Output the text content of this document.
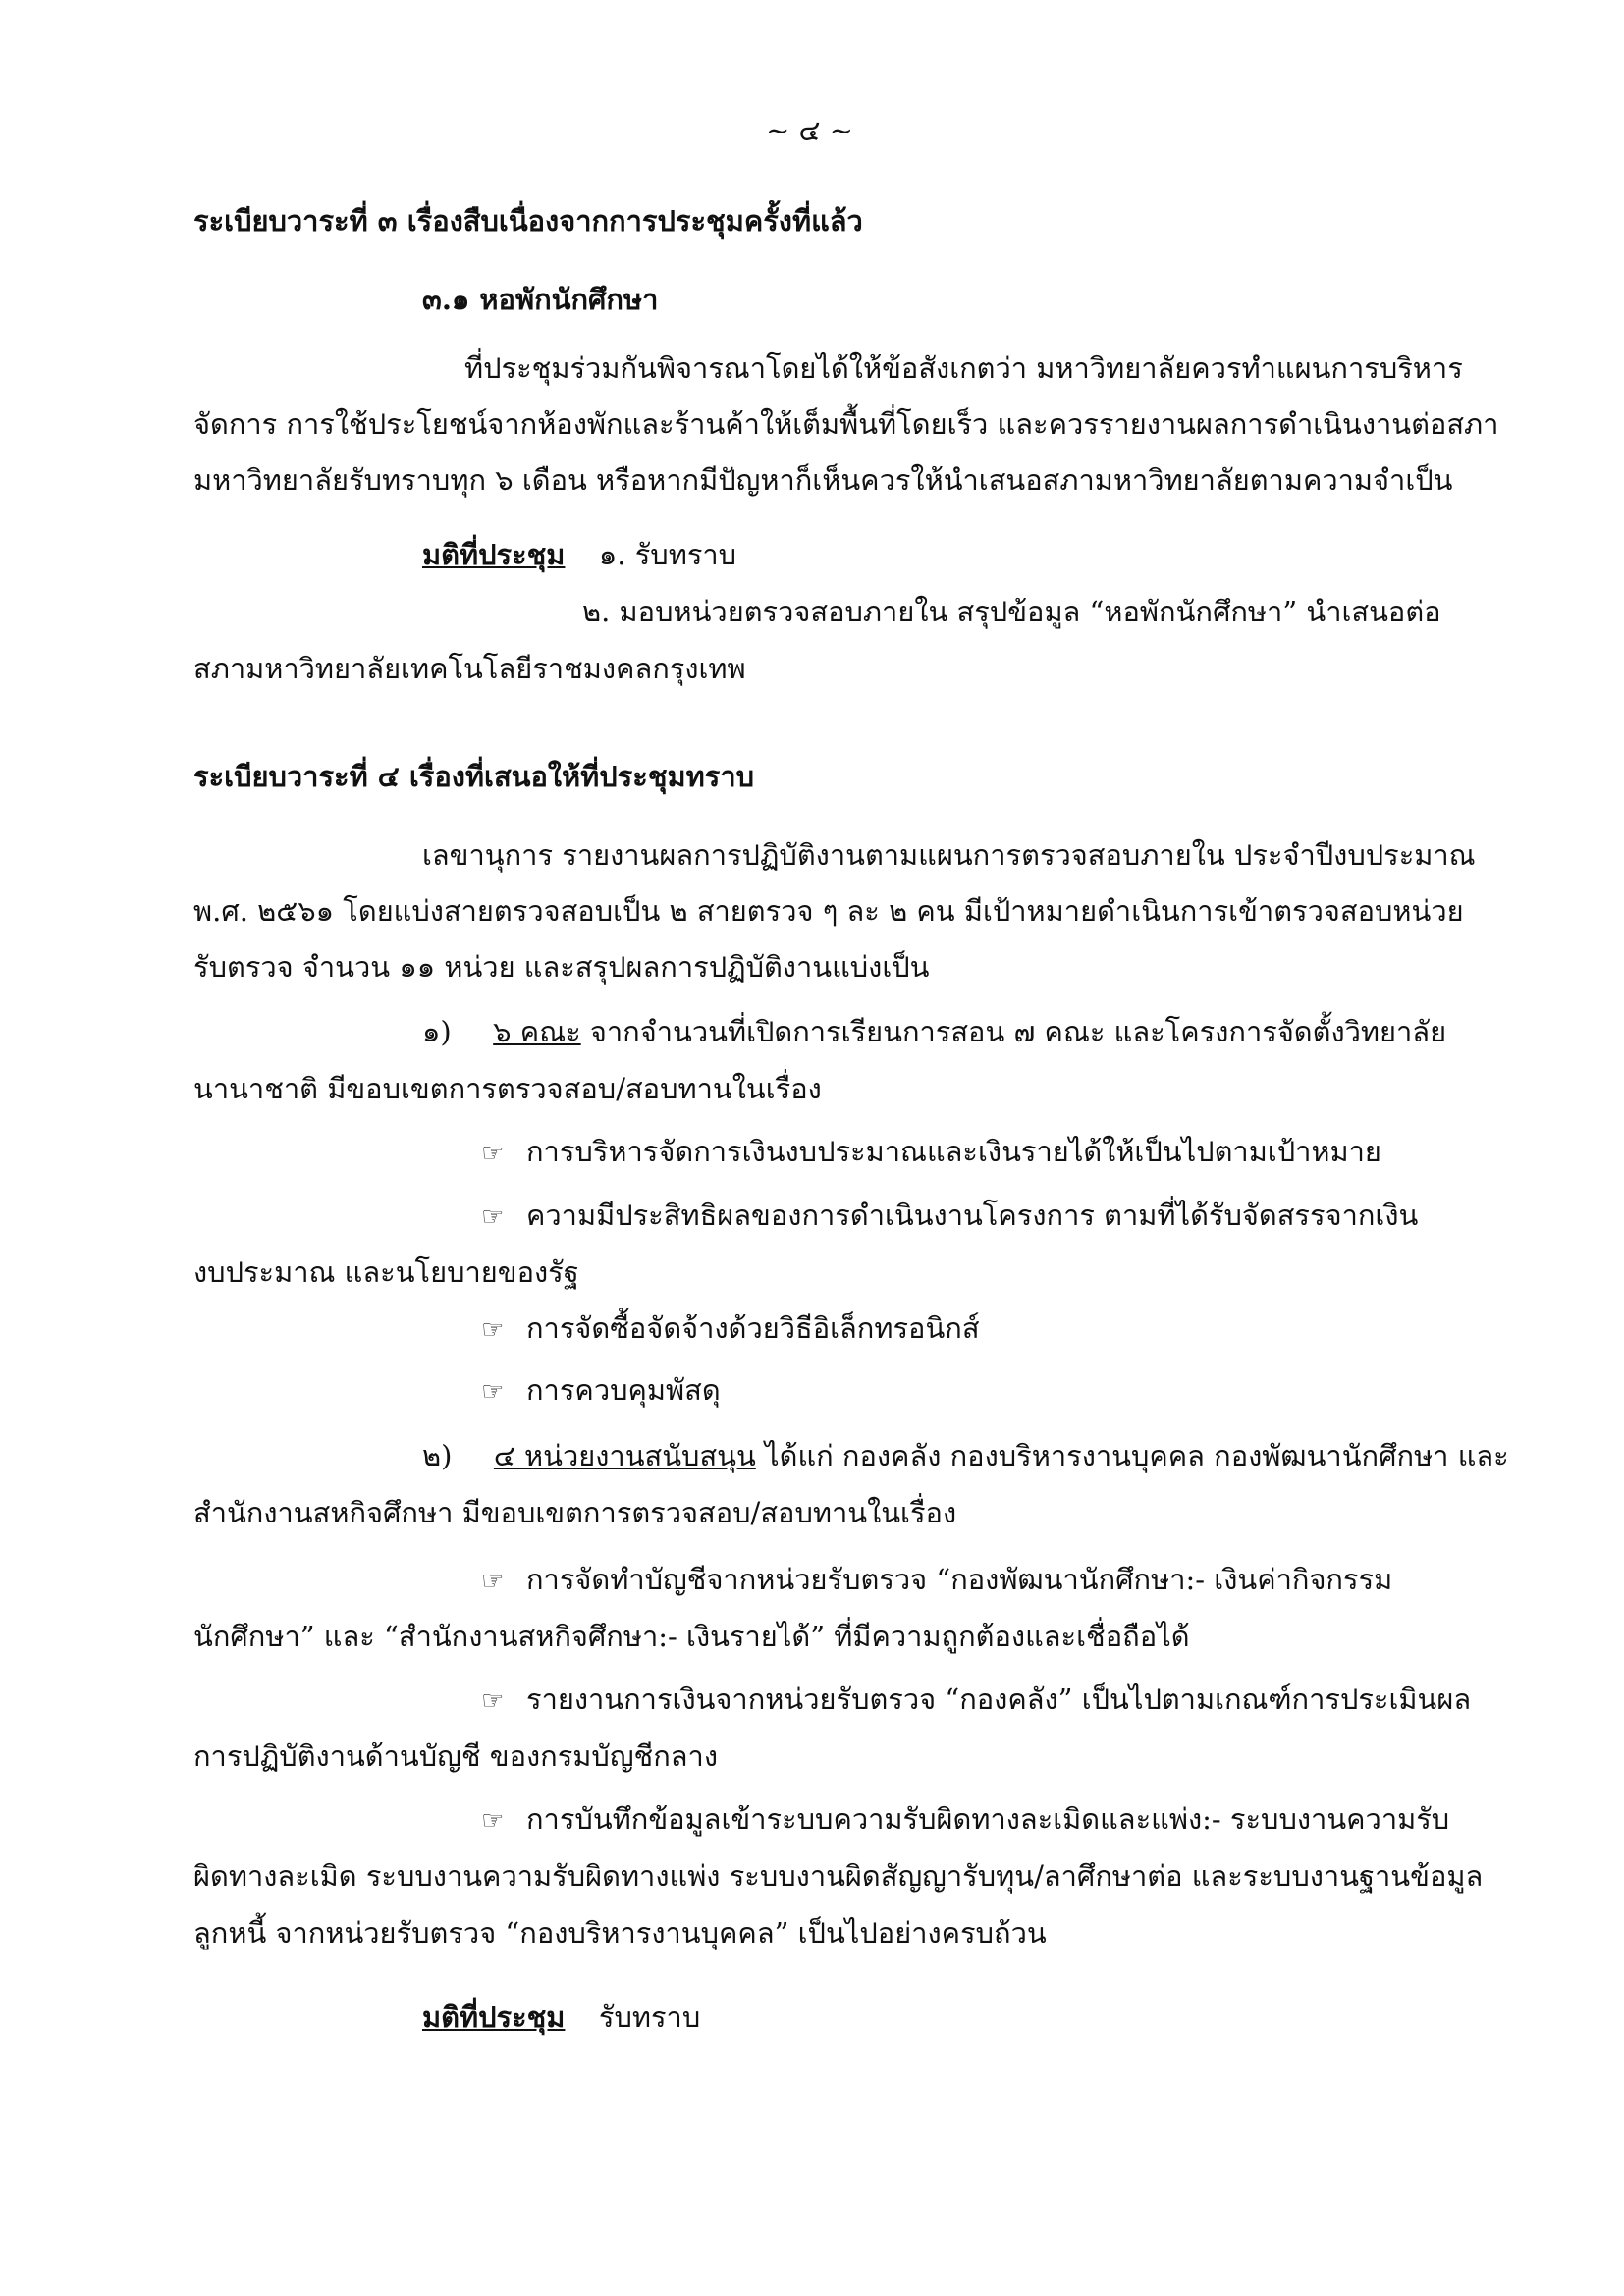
~ ๔ ~
ระเบียบวาระที่ ๓ เรื่องสืบเนื่องจากการประชุมครั้งที่แล้ว
๓.๑ หอพักนักศึกษา
ที่ประชุมร่วมกันพิจารณาโดยได้ให้ข้อสังเกตว่า มหาวิทยาลัยควรทำแผนการบริหาร
จัดการ การใช้ประโยชน์จากห้องพักและร้านค้าให้เต็มพื้นที่โดยเร็ว และควรรายงานผลการดำเนินงานต่อสภา
มหาวิทยาลัยรับทราบทุก ๖ เดือน หรือหากมีปัญหาก็เห็นควรให้นำเสนอสภามหาวิทยาลัยตามความจำเป็น
มติที่ประชุม ๑. รับทราบ
๒. มอบหน่วยตรวจสอบภายใน สรุปข้อมูล “หอพักนักศึกษา” นำเสนอต่อ
สภามหาวิทยาลัยเทคโนโลยีราชมงคลกรุงเทพ
ระเบียบวาระที่ ๔ เรื่องที่เสนอให้ที่ประชุมทราบ
เลขานุการ รายงานผลการปฏิบัติงานตามแผนการตรวจสอบภายใน ประจำปีงบประมาณ
พ.ศ. ๒๕๖๑ โดยแบ่งสายตรวจสอบเป็น ๒ สายตรวจ ๆ ละ ๒ คน มีเป้าหมายดำเนินการเข้าตรวจสอบหน่วย
รับตรวจ จำนวน ๑๑ หน่วย และสรุปผลการปฏิบัติงานแบ่งเป็น
๑) ๖ คณะ จากจำนวนที่เปิดการเรียนการสอน ๗ คณะ และโครงการจัดตั้งวิทยาลัย
นานาชาติ มีขอบเขตการตรวจสอบ/สอบทานในเรื่อง
☞ การบริหารจัดการเงินงบประมาณและเงินรายได้ให้เป็นไปตามเป้าหมาย
☞ ความมีประสิทธิผลของการดำเนินงานโครงการ ตามที่ได้รับจัดสรรจากเงิน
งบประมาณ และนโยบายของรัฐ
☞ การจัดซื้อจัดจ้างด้วยวิธีอิเล็กทรอนิกส์
☞ การควบคุมพัสดุ
๒) ๔ หน่วยงานสนับสนุน ได้แก่ กองคลัง กองบริหารงานบุคคล กองพัฒนานักศึกษา และ
สำนักงานสหกิจศึกษา มีขอบเขตการตรวจสอบ/สอบทานในเรื่อง
☞ การจัดทำบัญชีจากหน่วยรับตรวจ “กองพัฒนานักศึกษา:- เงินค่ากิจกรรม
นักศึกษา” และ “สำนักงานสหกิจศึกษา:- เงินรายได้” ที่มีความถูกต้องและเชื่อถือได้
☞ รายงานการเงินจากหน่วยรับตรวจ “กองคลัง” เป็นไปตามเกณฑ์การประเมินผล
การปฏิบัติงานด้านบัญชี ของกรมบัญชีกลาง
☞ การบันทึกข้อมูลเข้าระบบความรับผิดทางละเมิดและแพ่ง:- ระบบงานความรับ
ผิดทางละเมิด ระบบงานความรับผิดทางแพ่ง ระบบงานผิดสัญญารับทุน/ลาศึกษาต่อ และระบบงานฐานข้อมูล
ลูกหนี้ จากหน่วยรับตรวจ “กองบริหารงานบุคคล” เป็นไปอย่างครบถ้วน
มติที่ประชุม รับทราบ
